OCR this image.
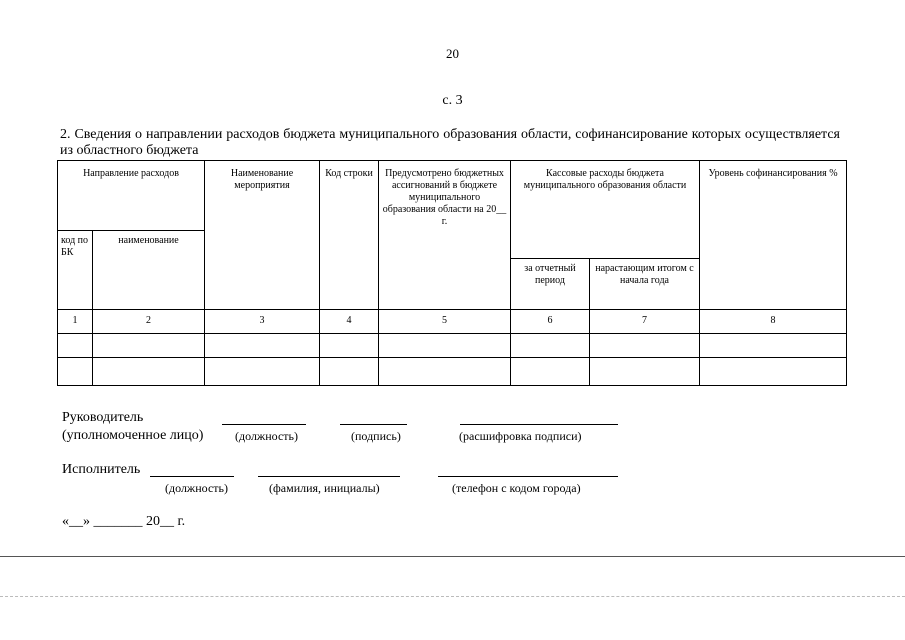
20
с. 3
2. Сведения о направлении расходов бюджета муниципального образования области, софинансирование которых осуществляется из областного бюджета
Направление расходов		Наименование мероприятия	Код строки	Предусмотрено бюджетных ассигнований в бюджете муниципального образования области на 20__ г.	Кассовые расходы бюджета муниципального образования области		Уровень софинансирования %
код по БК	наименование						
					за отчетный период	нарастающим итогом с начала года	
1	2	3	4	5	6	7	8

Руководитель
(уполномоченное лицо)	(должность)	(подпись)	(расшифровка подписи)
Исполнитель
(должность)	(фамилия, инициалы)	(телефон с кодом города)
«__» _______ 20__ г.
